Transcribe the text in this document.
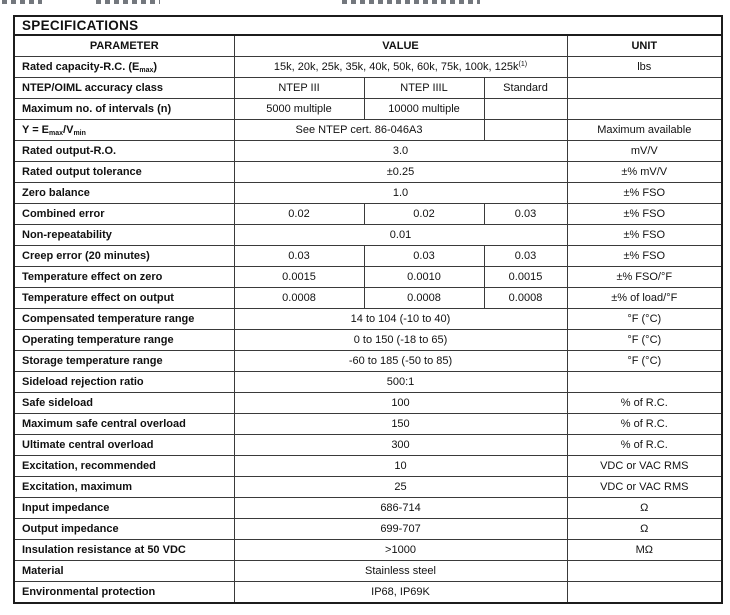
SPECIFICATIONS				
PARAMETER	VALUE			UNIT
Rated capacity-R.C. $(E_{max})$	15k, 20k, 25k, 35k, 40k, 50k, 60k, 75k, 100k, $125k^{(1)}$			lbs
NTEP/OIML accuracy class	NTEP III	NTEP IIIL	Standard	
Maximum no. of intervals (n)	5000 multiple	10000 multiple		
$Y = E_{max}/V_{min}$	See NTEP cert. 86-046A3			Maximum available
Rated output-R.O.	3.0			mV/V
Rated output tolerance	±0.25			±% mV/V
Zero balance	1.0			±% FSO
Combined error	0.02	0.02	0.03	±% FSO
Non-repeatability	0.01			±% FSO
Creep error (20 minutes)	0.03	0.03	0.03	±% FSO
Temperature effect on zero	0.0015	0.0010	0.0015	±% FSO/°F
Temperature effect on output	0.0008	0.0008	0.0008	±% of load/°F
Compensated temperature range	14 to 104 (-10 to 40)			°F (°C)
Operating temperature range	0 to 150 (-18 to 65)			°F (°C)
Storage temperature range	-60 to 185 (-50 to 85)			°F (°C)
Sideload rejection ratio	500:1			
Safe sideload	100			% of R.C.
Maximum safe central overload	150			% of R.C.
Ultimate central overload	300			% of R.C.
Excitation, recommended	10			VDC or VAC RMS
Excitation, maximum	25			VDC or VAC RMS
Input impedance	686-714			Ω
Output impedance	699-707			Ω
Insulation resistance at 50 VDC	>1000			MΩ
Material	Stainless steel			
Environmental protection	IP68, IP69K			
